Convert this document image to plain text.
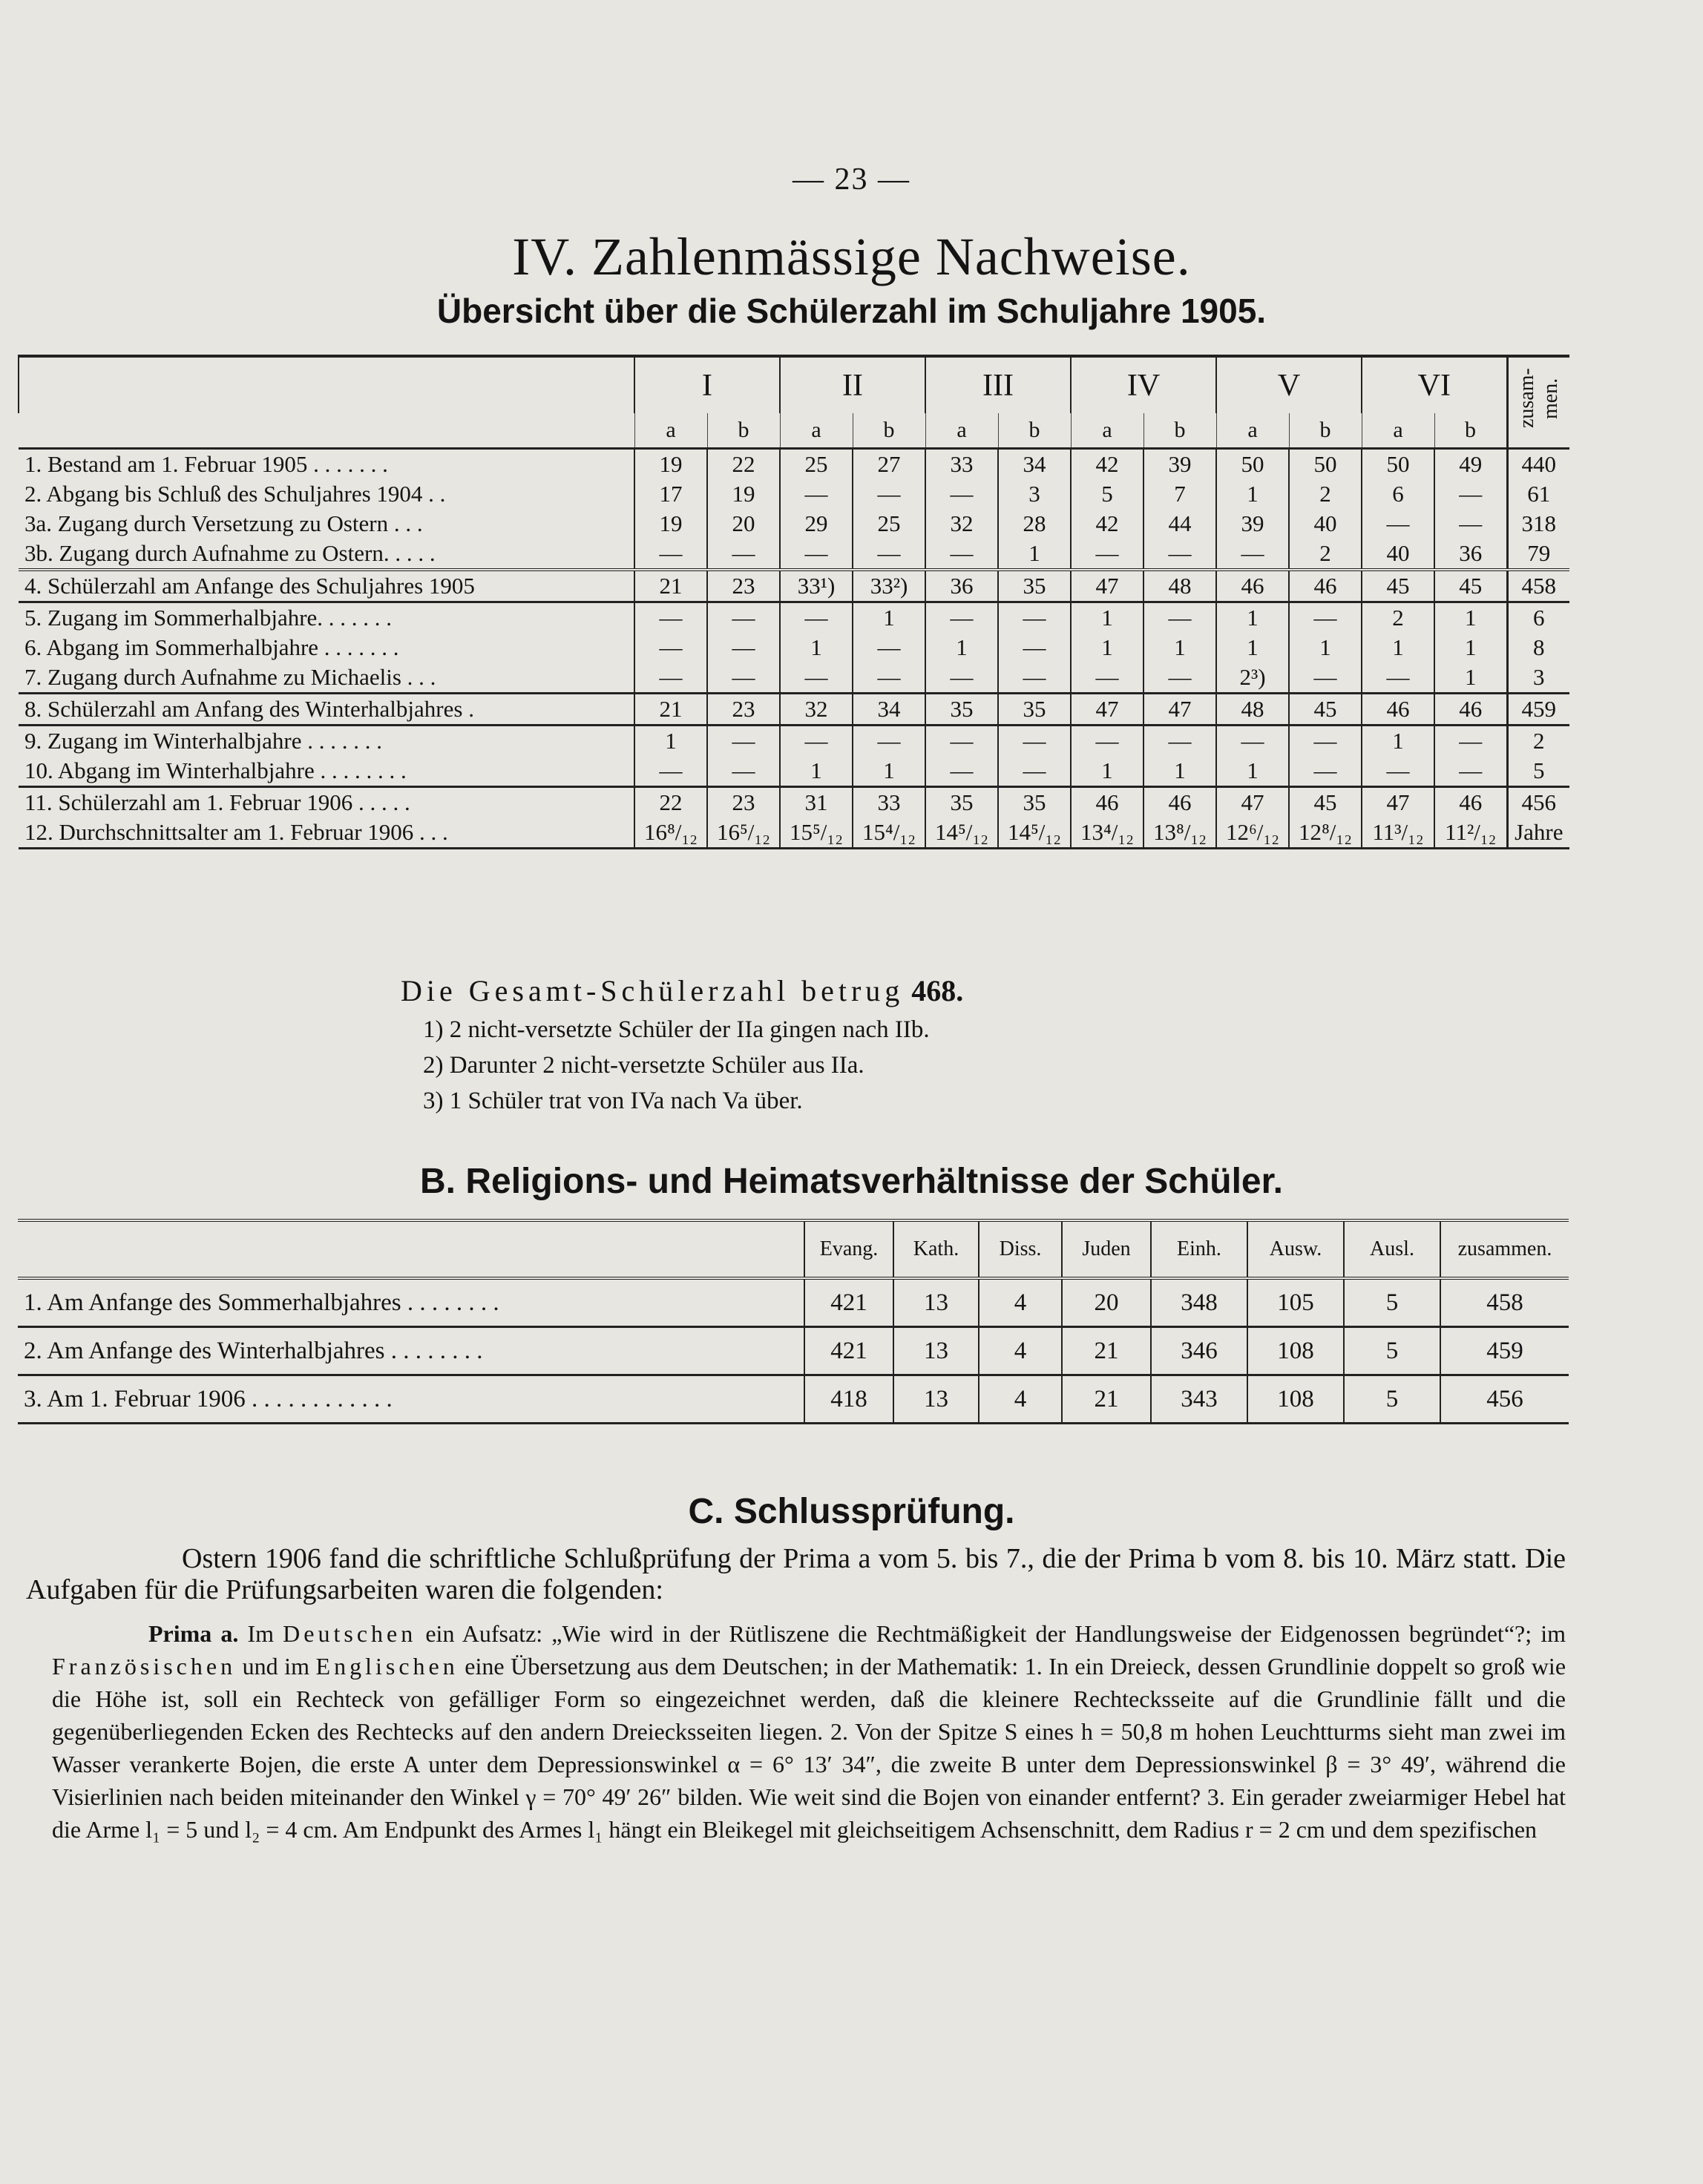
— 23 —
IV. Zahlenmässige Nachweise.
Übersicht über die Schülerzahl im Schuljahre 1905.
	I		II		III		IV		V		VI		zusam-men.
	a	b	a	b	a	b	a	b	a	b	a	b	
1. Bestand am 1. Februar 1905 . . . . . . .	19	22	25	27	33	34	42	39	50	50	50	49	440
2. Abgang bis Schluß des Schuljahres 1904 . .	17	19	—	—	—	3	5	7	1	2	6	—	61
3a. Zugang durch Versetzung zu Ostern . . .	19	20	29	25	32	28	42	44	39	40	—	—	318
3b. Zugang durch Aufnahme zu Ostern. . . . .	—	—	—	—	—	1	—	—	—	2	40	36	79
4. Schülerzahl am Anfange des Schuljahres 1905	21	23	33¹)	33²)	36	35	47	48	46	46	45	45	458
5. Zugang im Sommerhalbjahre. . . . . . .	—	—	—	1	—	—	1	—	1	—	2	1	6
6. Abgang im Sommerhalbjahre . . . . . . .	—	—	1	—	1	—	1	1	1	1	1	1	8
7. Zugang durch Aufnahme zu Michaelis . . .	—	—	—	—	—	—	—	—	2³)	—	—	1	3
8. Schülerzahl am Anfang des Winterhalbjahres .	21	23	32	34	35	35	47	47	48	45	46	46	459
9. Zugang im Winterhalbjahre . . . . . . .	1	—	—	—	—	—	—	—	—	—	1	—	2
10. Abgang im Winterhalbjahre . . . . . . . .	—	—	1	1	—	—	1	1	1	—	—	—	5
11. Schülerzahl am 1. Februar 1906 . . . . .	22	23	31	33	35	35	46	46	47	45	47	46	456
12. Durchschnittsalter am 1. Februar 1906 . . .	16⁸/₁₂	16⁵/₁₂	15⁵/₁₂	15⁴/₁₂	14⁵/₁₂	14⁵/₁₂	13⁴/₁₂	13⁸/₁₂	12⁶/₁₂	12⁸/₁₂	11³/₁₂	11²/₁₂	Jahre
Die Gesamt-Schülerzahl betrug 468.
1) 2 nicht-versetzte Schüler der IIa gingen nach IIb.
2) Darunter 2 nicht-versetzte Schüler aus IIa.
3) 1 Schüler trat von IVa nach Va über.
B. Religions- und Heimatsverhältnisse der Schüler.
	Evang.	Kath.	Diss.	Juden	Einh.	Ausw.	Ausl.	zusammen.
1. Am Anfange des Sommerhalbjahres . . . . . . . .	421	13	4	20	348	105	5	458
2. Am Anfange des Winterhalbjahres . . . . . . . .	421	13	4	21	346	108	5	459
3. Am 1. Februar 1906 . . . . . . . . . . . .	418	13	4	21	343	108	5	456
C. Schlussprüfung.
Ostern 1906 fand die schriftliche Schlußprüfung der Prima a vom 5. bis 7., die der Prima b vom 8. bis 10. März statt. Die Aufgaben für die Prüfungsarbeiten waren die folgenden:
Prima a. Im Deutschen ein Aufsatz: „Wie wird in der Rütliszene die Rechtmäßigkeit der Handlungsweise der Eidgenossen begründet“?; im Französischen und im Englischen eine Übersetzung aus dem Deutschen; in der Mathematik: 1. In ein Dreieck, dessen Grundlinie doppelt so groß wie die Höhe ist, soll ein Rechteck von gefälliger Form so eingezeichnet werden, daß die kleinere Rechtecksseite auf die Grundlinie fällt und die gegenüberliegenden Ecken des Rechtecks auf den andern Dreiecksseiten liegen. 2. Von der Spitze S eines h = 50,8 m hohen Leuchtturms sieht man zwei im Wasser verankerte Bojen, die erste A unter dem Depressionswinkel α = 6° 13′ 34″, die zweite B unter dem Depressionswinkel β = 3° 49′, während die Visierlinien nach beiden miteinander den Winkel γ = 70° 49′ 26″ bilden. Wie weit sind die Bojen von einander entfernt? 3. Ein gerader zweiarmiger Hebel hat die Arme l₁ = 5 und l₂ = 4 cm. Am Endpunkt des Armes l₁ hängt ein Bleikegel mit gleichseitigem Achsenschnitt, dem Radius r = 2 cm und dem spezifischen
